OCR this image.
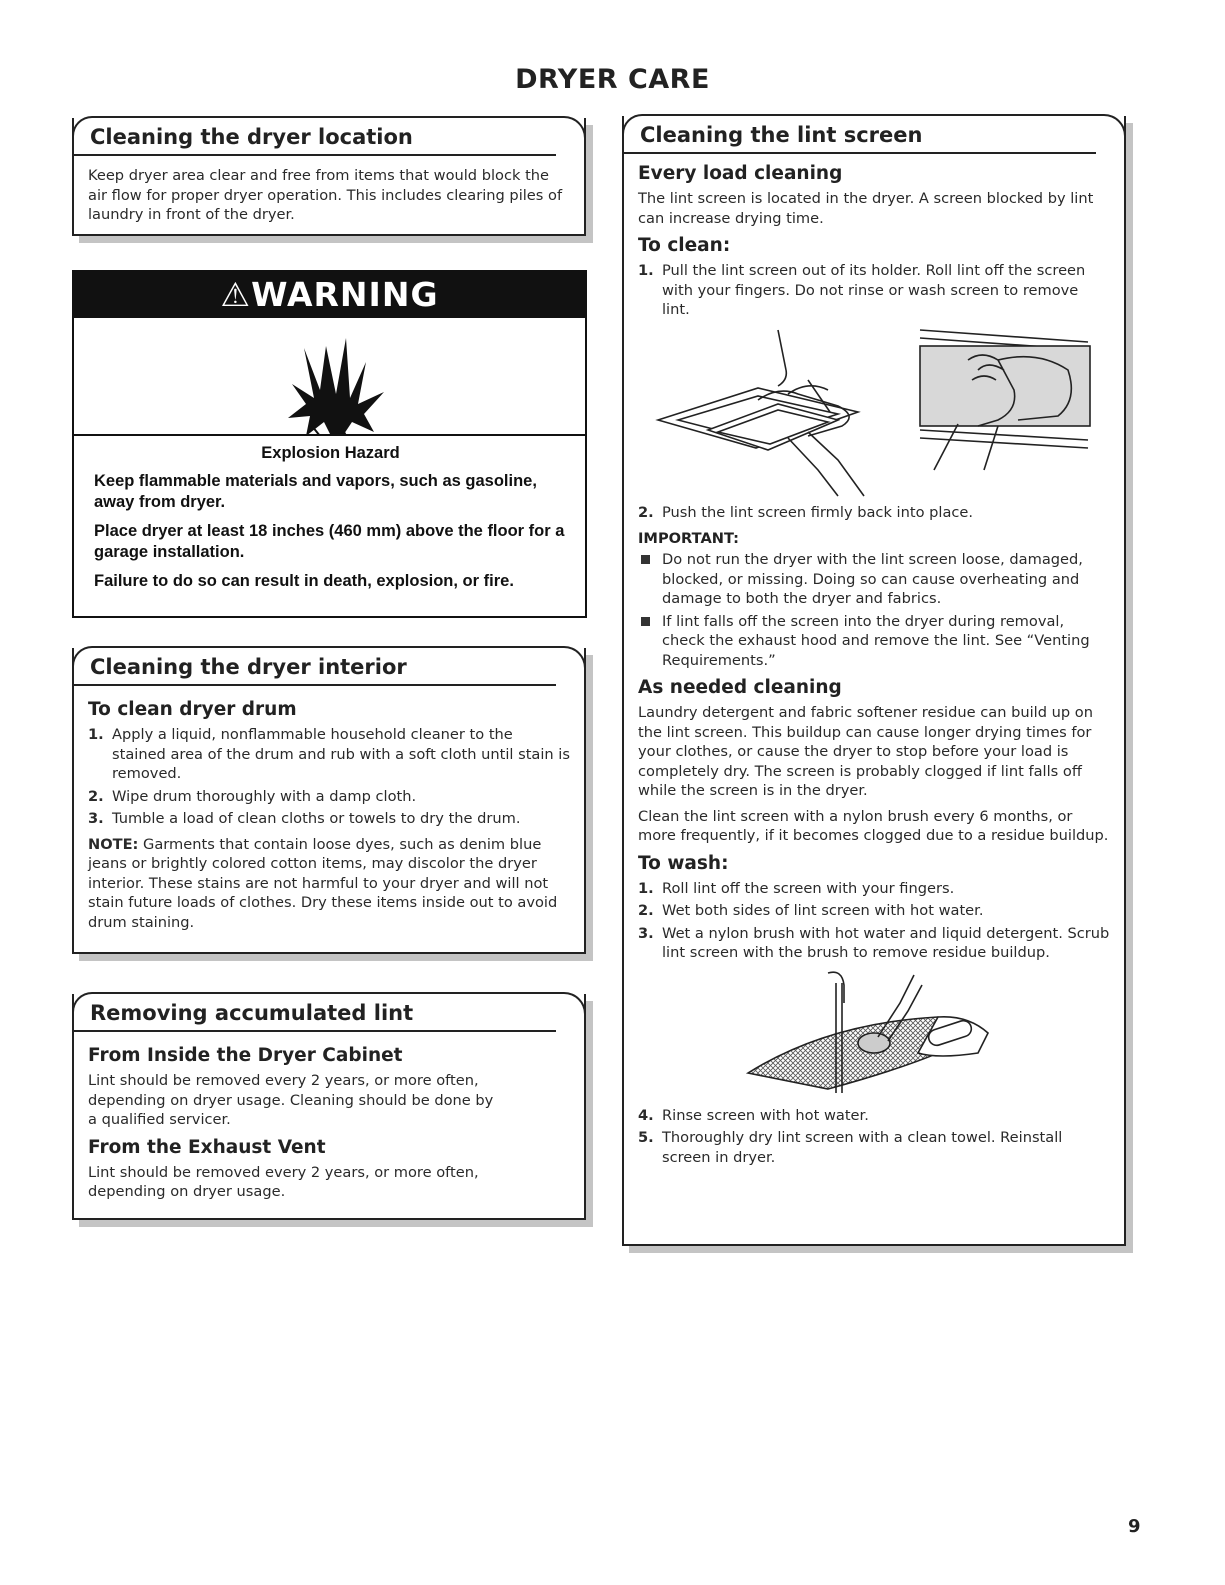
DRYER CARE
Cleaning the dryer location

Keep dryer area clear and free from items that would block the air flow for proper dryer operation. This includes clearing piles of laundry in front of the dryer.

⚠WARNING
Explosion Hazard

Keep flammable materials and vapors, such as gasoline, away from dryer.

Place dryer at least 18 inches (460 mm) above the floor for a garage installation.

Failure to do so can result in death, explosion, or fire.

Cleaning the dryer interior
To clean dryer drum
1. Apply a liquid, nonflammable household cleaner to the stained area of the drum and rub with a soft cloth until stain is removed.
2. Wipe drum thoroughly with a damp cloth.
3. Tumble a load of clean cloths or towels to dry the drum.

NOTE: Garments that contain loose dyes, such as denim blue jeans or brightly colored cotton items, may discolor the dryer interior. These stains are not harmful to your dryer and will not stain future loads of clothes. Dry these items inside out to avoid drum staining.

Removing accumulated lint
From Inside the Dryer Cabinet

Lint should be removed every 2 years, or more often, depending on dryer usage. Cleaning should be done by a qualified servicer.

From the Exhaust Vent

Lint should be removed every 2 years, or more often, depending on dryer usage.

Cleaning the lint screen
Every load cleaning

The lint screen is located in the dryer. A screen blocked by lint can increase drying time.

To clean:
1. Pull the lint screen out of its holder. Roll lint off the screen with your fingers. Do not rinse or wash screen to remove lint.
2. Push the lint screen firmly back into place.
IMPORTANT:
Do not run the dryer with the lint screen loose, damaged, blocked, or missing. Doing so can cause overheating and damage to both the dryer and fabrics.
If lint falls off the screen into the dryer during removal, check the exhaust hood and remove the lint. See “Venting Requirements.”
As needed cleaning

Laundry detergent and fabric softener residue can build up on the lint screen. This buildup can cause longer drying times for your clothes, or cause the dryer to stop before your load is completely dry. The screen is probably clogged if lint falls off while the screen is in the dryer.

Clean the lint screen with a nylon brush every 6 months, or more frequently, if it becomes clogged due to a residue buildup.

To wash:
1. Roll lint off the screen with your fingers.
2. Wet both sides of lint screen with hot water.
3. Wet a nylon brush with hot water and liquid detergent. Scrub lint screen with the brush to remove residue buildup.
4. Rinse screen with hot water.
5. Thoroughly dry lint screen with a clean towel. Reinstall screen in dryer.
9
